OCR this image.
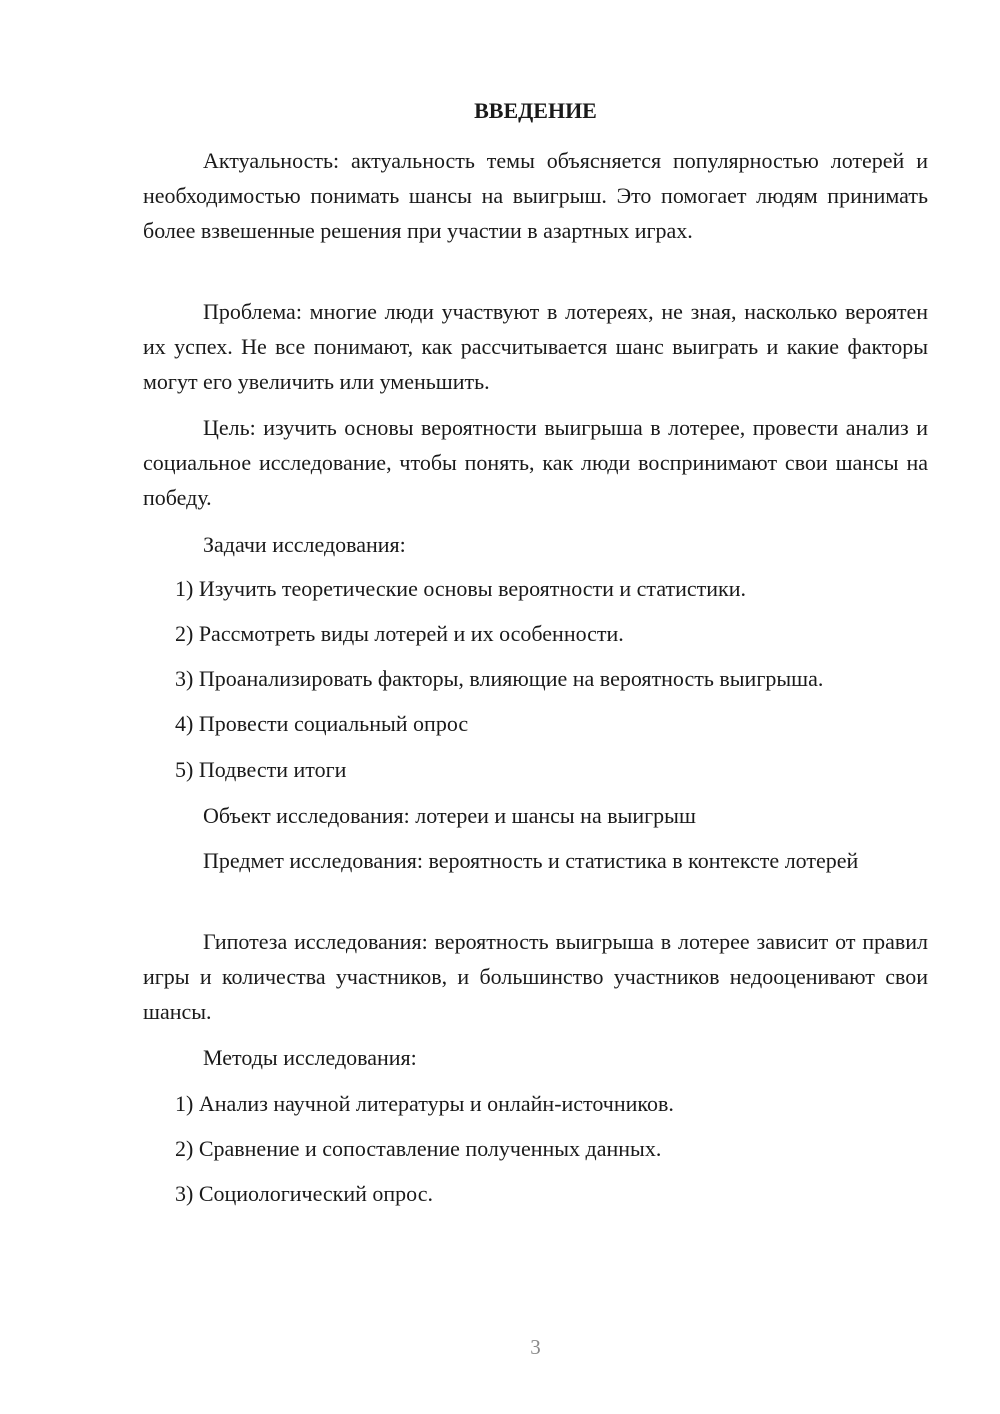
ВВЕДЕНИЕ

Актуальность: актуальность темы объясняется популярностью лотерей и необходимостью понимать шансы на выигрыш. Это помогает людям принимать более взвешенные решения при участии в азартных играх.

Проблема: многие люди участвуют в лотереях, не зная, насколько вероятен их успех. Не все понимают, как рассчитывается шанс выиграть и какие факторы могут его увеличить или уменьшить.

Цель: изучить основы вероятности выигрыша в лотерее, провести анализ и социальное исследование, чтобы понять, как люди воспринимают свои шансы на победу.

Задачи исследования:

1) Изучить теоретические основы вероятности и статистики.

2) Рассмотреть виды лотерей и их особенности.

3) Проанализировать факторы, влияющие на вероятность выигрыша.

4) Провести социальный опрос

5) Подвести итоги

Объект исследования: лотереи и шансы на выигрыш

Предмет исследования: вероятность и статистика в контексте лотерей

Гипотеза исследования: вероятность выигрыша в лотерее зависит от правил игры и количества участников, и большинство участников недооценивают свои шансы.

Методы исследования:

1) Анализ научной литературы и онлайн-источников.

2) Сравнение и сопоставление полученных данных.

3) Социологический опрос.

3
